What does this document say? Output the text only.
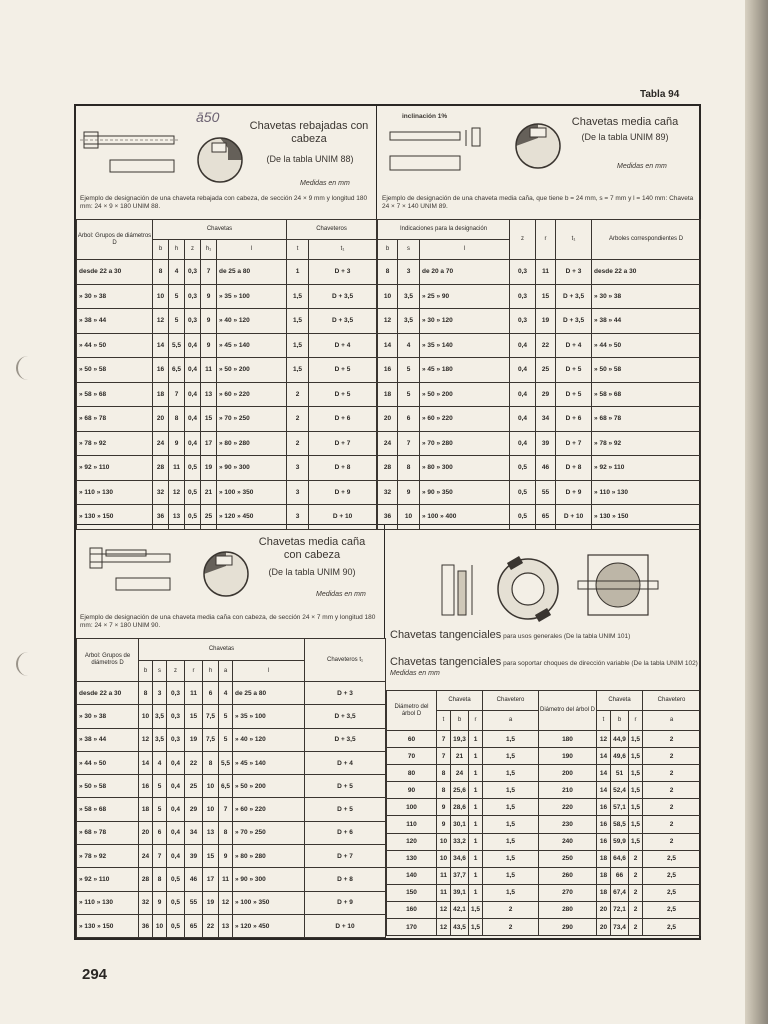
Tabla 94
294
ā50
Chavetas rebajadas con cabeza
(De la tabla UNIM 88)
Medidas en mm
Ejemplo de designación de una chaveta rebajada con cabeza, de sección 24 × 9 mm y longitud 180 mm: 24 × 9 × 180 UNIM 88.
Arbol: Grupos de diámetros D	Chavetas					Chaveteros	
	b	h	z	h₁	l	t	t₁
desde 22 a 30	8	4	0,3	7	de 25 a 80	1	D + 3
» 30 » 38	10	5	0,3	9	» 35 » 100	1,5	D + 3,5
» 38 » 44	12	5	0,3	9	» 40 » 120	1,5	D + 3,5
» 44 » 50	14	5,5	0,4	9	» 45 » 140	1,5	D + 4
» 50 » 58	16	6,5	0,4	11	» 50 » 200	1,5	D + 5
» 58 » 68	18	7	0,4	13	» 60 » 220	2	D + 5
» 68 » 78	20	8	0,4	15	» 70 » 250	2	D + 6
» 78 » 92	24	9	0,4	17	» 80 » 280	2	D + 7
» 92 » 110	28	11	0,5	19	» 90 » 300	3	D + 8
» 110 » 130	32	12	0,5	21	» 100 » 350	3	D + 9
» 130 » 150	36	13	0,5	25	» 120 » 450	3	D + 10
inclinación 1%	Chavetas media caña
(De la tabla UNIM 89)
Medidas en mm
Ejemplo de designación de una chaveta media caña, que tiene b = 24 mm, s = 7 mm y l = 140 mm: Chaveta 24 × 7 × 140 UNIM 89.
Indicaciones para la designación			z	r	t₁	Arboles correspondientes D
b	s	l				
8	3	de 20 a 70	0,3	11	D + 3	desde 22 a 30
10	3,5	» 25 » 90	0,3	15	D + 3,5	» 30 » 38
12	3,5	» 30 » 120	0,3	19	D + 3,5	» 38 » 44
14	4	» 35 » 140	0,4	22	D + 4	» 44 » 50
16	5	» 45 » 180	0,4	25	D + 5	» 50 » 58
18	5	» 50 » 200	0,4	29	D + 5	» 58 » 68
20	6	» 60 » 220	0,4	34	D + 6	» 68 » 78
24	7	» 70 » 280	0,4	39	D + 7	» 78 » 92
28	8	» 80 » 300	0,5	46	D + 8	» 92 » 110
32	9	» 90 » 350	0,5	55	D + 9	» 110 » 130
36	10	» 100 » 400	0,5	65	D + 10	» 130 » 150
Chavetas media caña con cabeza
(De la tabla UNIM 90)
Medidas en mm
Ejemplo de designación de una chaveta media caña con cabeza, de sección 24 × 7 mm y longitud 180 mm: 24 × 7 × 180 UNIM 90.
Arbol: Grupos de diámetros D	Chavetas							Chaveteros t₁
	b	s	z	r	h	a	l	
desde 22 a 30	8	3	0,3	11	6	4	de 25 a 80	D + 3
» 30 » 38	10	3,5	0,3	15	7,5	5	» 35 » 100	D + 3,5
» 38 » 44	12	3,5	0,3	19	7,5	5	» 40 » 120	D + 3,5
» 44 » 50	14	4	0,4	22	8	5,5	» 45 » 140	D + 4
» 50 » 58	16	5	0,4	25	10	6,5	» 50 » 200	D + 5
» 58 » 68	18	5	0,4	29	10	7	» 60 » 220	D + 5
» 68 » 78	20	6	0,4	34	13	8	» 70 » 250	D + 6
» 78 » 92	24	7	0,4	39	15	9	» 80 » 280	D + 7
» 92 » 110	28	8	0,5	46	17	11	» 90 » 300	D + 8
» 110 » 130	32	9	0,5	55	19	12	» 100 » 350	D + 9
» 130 » 150	36	10	0,5	65	22	13	» 120 » 450	D + 10
Chavetas tangenciales para usos generales (De la tabla UNIM 101)
Chavetas tangenciales para soportar choques de dirección variable (De la tabla UNIM 102) Medidas en mm
Diámetro del árbol D	Chaveta			Chavetero
	t	b	r	a
60	7	19,3	1	1,5
70	7	21	1	1,5
80	8	24	1	1,5
90	8	25,6	1	1,5
100	9	28,6	1	1,5
110	9	30,1	1	1,5
120	10	33,2	1	1,5
130	10	34,6	1	1,5
140	11	37,7	1	1,5
150	11	39,1	1	1,5
160	12	42,1	1,5	2
170	12	43,5	1,5	2
Diámetro del árbol D	Chaveta			Chavetero
	t	b	r	a
180	12	44,9	1,5	2
190	14	49,6	1,5	2
200	14	51	1,5	2
210	14	52,4	1,5	2
220	16	57,1	1,5	2
230	16	58,5	1,5	2
240	16	59,9	1,5	2
250	18	64,6	2	2,5
260	18	66	2	2,5
270	18	67,4	2	2,5
280	20	72,1	2	2,5
290	20	73,4	2	2,5
